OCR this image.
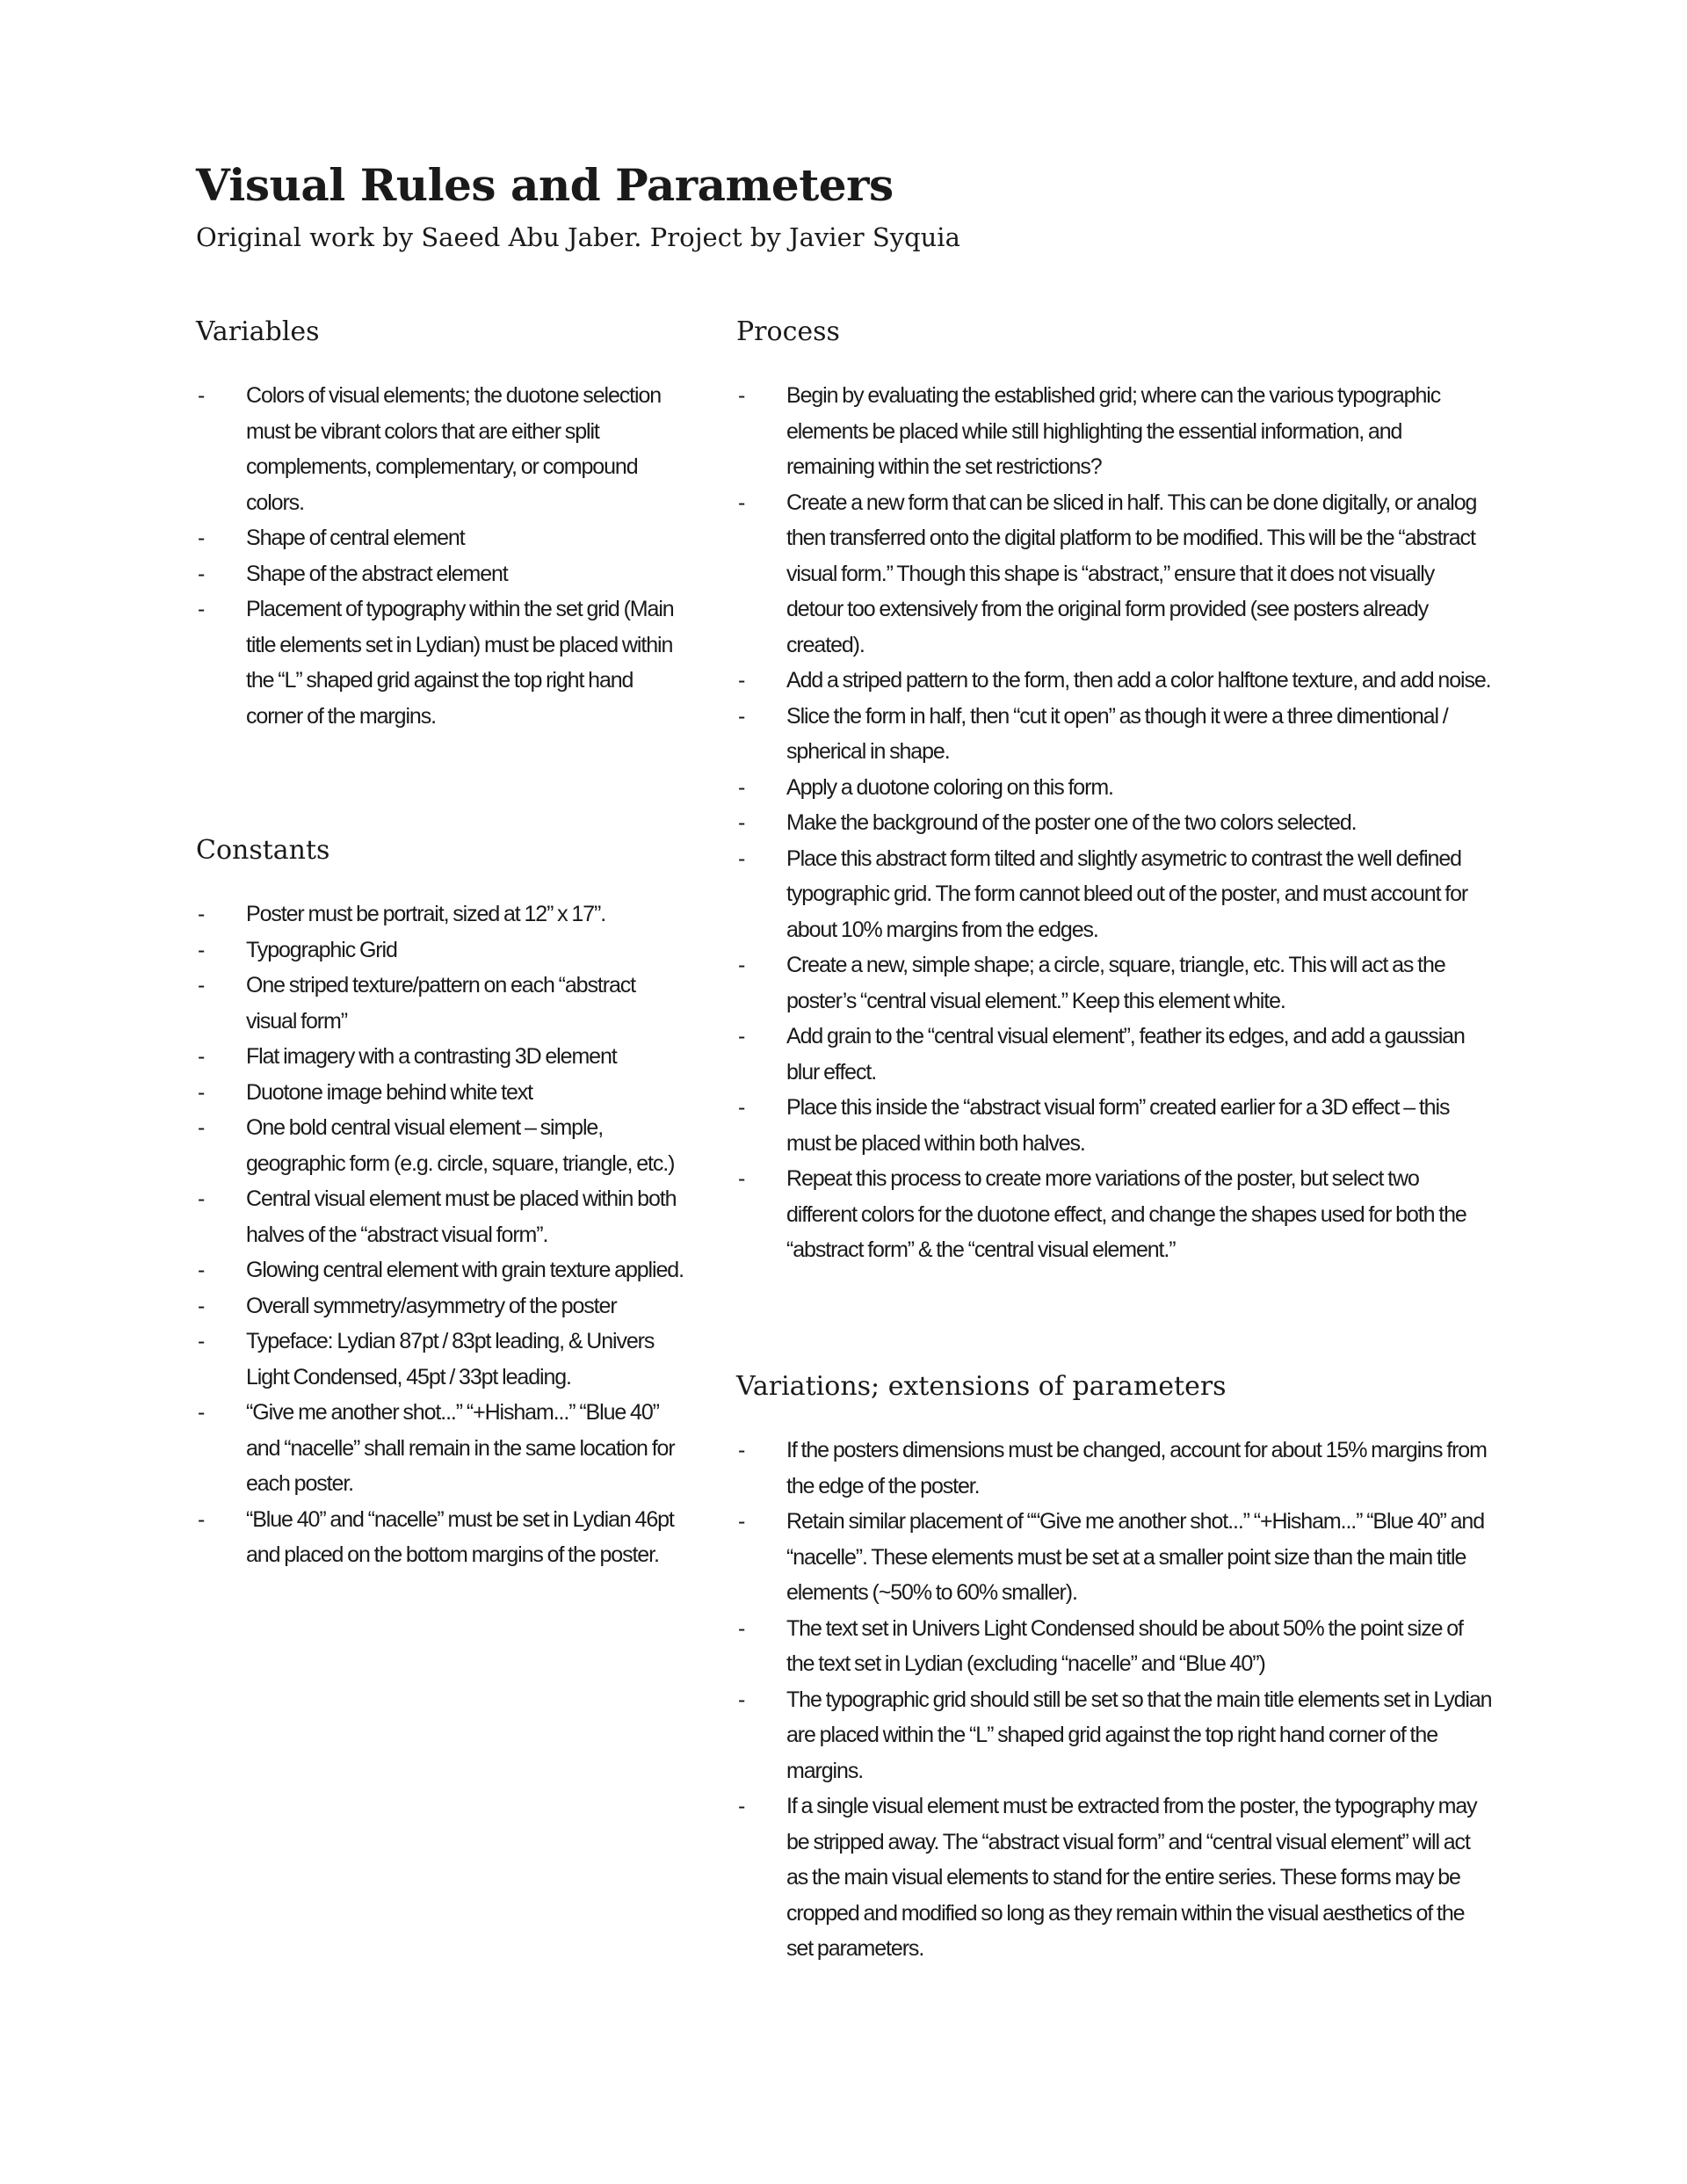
Visual Rules and Parameters

Original work by Saeed Abu Jaber. Project by Javier Syquia

Variables
- Colors of visual elements; the duotone selection must be vibrant colors that are either split complements, complementary, or compound colors.
- Shape of central element
- Shape of the abstract element
- Placement of typography within the set grid (Main title elements set in Lydian) must be placed within the “L” shaped grid against the top right hand corner of the margins.
Constants
- Poster must be portrait, sized at 12” x 17”.
- Typographic Grid
- One striped texture/pattern on each “abstract visual form”
- Flat imagery with a contrasting 3D element
- Duotone image behind white text
- One bold central visual element – simple, geographic form (e.g. circle, square, triangle, etc.)
- Central visual element must be placed within both halves of the “abstract visual form”.
- Glowing central element with grain texture applied.
- Overall symmetry/asymmetry of the poster
- Typeface: Lydian 87pt / 83pt leading, & Univers Light Condensed, 45pt / 33pt leading.
- “Give me another shot...” “+Hisham...” “Blue 40” and “nacelle” shall remain in the same location for each poster.
- “Blue 40” and “nacelle” must be set in Lydian 46pt and placed on the bottom margins of the poster.
Process
- Begin by evaluating the established grid; where can the various typographic elements be placed while still highlighting the essential information, and remaining within the set restrictions?
- Create a new form that can be sliced in half. This can be done digitally, or analog then transferred onto the digital platform to be modified. This will be the “abstract visual form.” Though this shape is “abstract,” ensure that it does not visually detour too extensively from the original form provided (see posters already created).
- Add a striped pattern to the form, then add a color halftone texture, and add noise.
- Slice the form in half, then “cut it open” as though it were a three dimentional / spherical in shape.
- Apply a duotone coloring on this form.
- Make the background of the poster one of the two colors selected.
- Place this abstract form tilted and slightly asymetric to contrast the well defined typographic grid. The form cannot bleed out of the poster, and must account for about 10% margins from the edges.
- Create a new, simple shape; a circle, square, triangle, etc. This will act as the poster’s “central visual element.” Keep this element white.
- Add grain to the “central visual element”, feather its edges, and add a gaussian blur effect.
- Place this inside the “abstract visual form” created earlier for a 3D effect – this must be placed within both halves.
- Repeat this process to create more variations of the poster, but select two different colors for the duotone effect, and change the shapes used for both the “abstract form” & the “central visual element.”
Variations; extensions of parameters
- If the posters dimensions must be changed, account for about 15% margins from the edge of the poster.
- Retain similar placement of ““Give me another shot...” “+Hisham...” “Blue 40” and “nacelle”. These elements must be set at a smaller point size than the main title elements (~50% to 60% smaller).
- The text set in Univers Light Condensed should be about 50% the point size of the text set in Lydian (excluding “nacelle” and “Blue 40”)
- The typographic grid should still be set so that the main title elements set in Lydian are placed within the “L” shaped grid against the top right hand corner of the margins.
- If a single visual element must be extracted from the poster, the typography may be stripped away. The “abstract visual form” and “central visual element” will act as the main visual elements to stand for the entire series. These forms may be cropped and modified so long as they remain within the visual aesthetics of the set parameters.
